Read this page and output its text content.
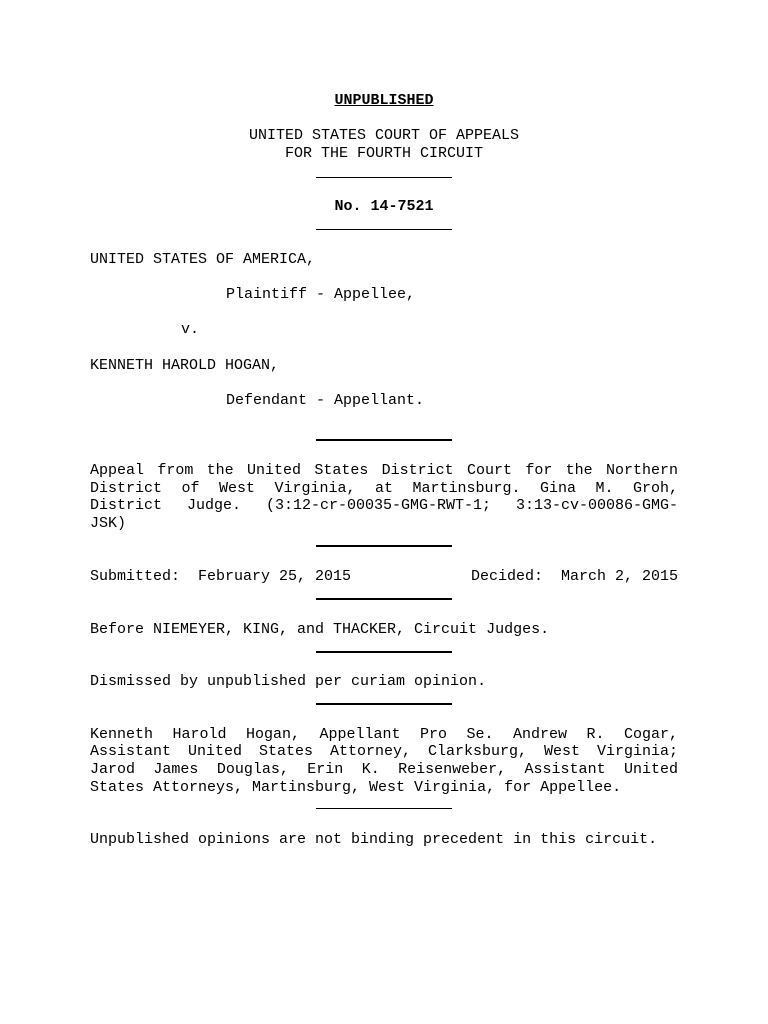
UNPUBLISHED
UNITED STATES COURT OF APPEALS
FOR THE FOURTH CIRCUIT
No. 14-7521
UNITED STATES OF AMERICA,
Plaintiff - Appellee,
v.
KENNETH HAROLD HOGAN,
Defendant - Appellant.
Appeal from the United States District Court for the Northern
District of West Virginia, at Martinsburg. Gina M. Groh,
District Judge. (3:12-cr-00035-GMG-RWT-1; 3:13-cv-00086-GMG-
JSK)
Submitted:  February 25, 2015	Decided:  March 2, 2015
Before NIEMEYER, KING, and THACKER, Circuit Judges.
Dismissed by unpublished per curiam opinion.
Kenneth Harold Hogan, Appellant Pro Se. Andrew R. Cogar,
Assistant United States Attorney, Clarksburg, West Virginia;
Jarod James Douglas, Erin K. Reisenweber, Assistant United
States Attorneys, Martinsburg, West Virginia, for Appellee.
Unpublished opinions are not binding precedent in this circuit.
